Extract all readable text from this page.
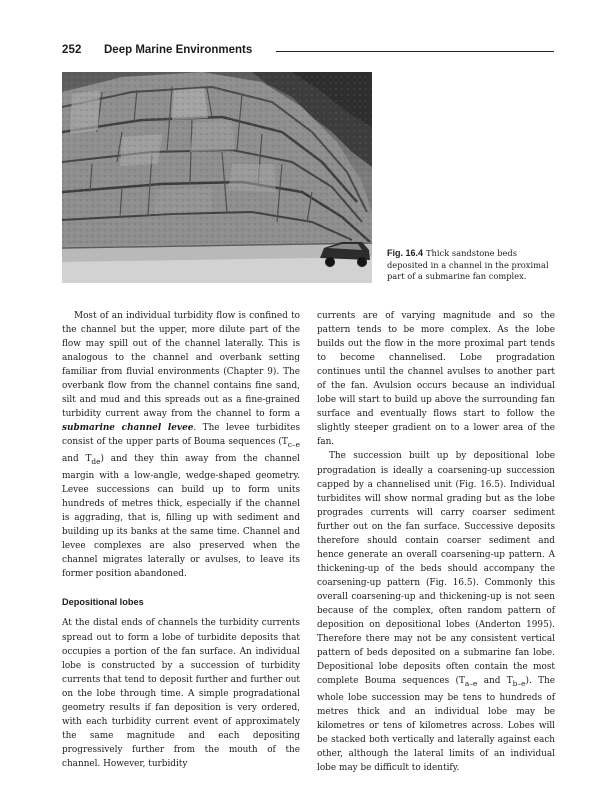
252 Deep Marine Environments
Fig. 16.4 Thick sandstone beds deposited in a channel in the proximal part of a submarine fan complex.

Most of an individual turbidity flow is confined to the channel but the upper, more dilute part of the flow may spill out of the channel laterally. This is analogous to the channel and overbank setting familiar from fluvial environments (Chapter 9). The overbank flow from the channel contains fine sand, silt and mud and this spreads out as a fine-grained turbidity current away from the channel to form a submarine channel levee. The levee turbidites consist of the upper parts of Bouma sequences ($T_{c-e}$ and $T_{de}$) and they thin away from the channel margin with a low-angle, wedge-shaped geometry. Levee successions can build up to form units hundreds of metres thick, especially if the channel is aggrading, that is, filling up with sediment and building up its banks at the same time. Channel and levee complexes are also preserved when the channel migrates laterally or avulses, to leave its former position abandoned.

Depositional lobes

At the distal ends of channels the turbidity currents spread out to form a lobe of turbidite deposits that occupies a portion of the fan surface. An individual lobe is constructed by a succession of turbidity currents that tend to deposit further and further out on the lobe through time. A simple progradational geometry results if fan deposition is very ordered, with each turbidity current event of approximately the same magnitude and each depositing progressively further from the mouth of the channel. However, turbidity

currents are of varying magnitude and so the pattern tends to be more complex. As the lobe builds out the flow in the more proximal part tends to become channelised. Lobe progradation continues until the channel avulses to another part of the fan. Avulsion occurs because an individual lobe will start to build up above the surrounding fan surface and eventually flows start to follow the slightly steeper gradient on to a lower area of the fan.

The succession built up by depositional lobe progradation is ideally a coarsening-up succession capped by a channelised unit (Fig. 16.5). Individual turbidites will show normal grading but as the lobe progrades currents will carry coarser sediment further out on the fan surface. Successive deposits therefore should contain coarser sediment and hence generate an overall coarsening-up pattern. A thickening-up of the beds should accompany the coarsening-up pattern (Fig. 16.5). Commonly this overall coarsening-up and thickening-up is not seen because of the complex, often random pattern of deposition on depositional lobes (Anderton 1995). Therefore there may not be any consistent vertical pattern of beds deposited on a submarine fan lobe. Depositional lobe deposits often contain the most complete Bouma sequences ($T_{a-e}$ and $T_{b-e}$). The whole lobe succession may be tens to hundreds of metres thick and an individual lobe may be kilometres or tens of kilometres across. Lobes will be stacked both vertically and laterally against each other, although the lateral limits of an individual lobe may be difficult to identify.
